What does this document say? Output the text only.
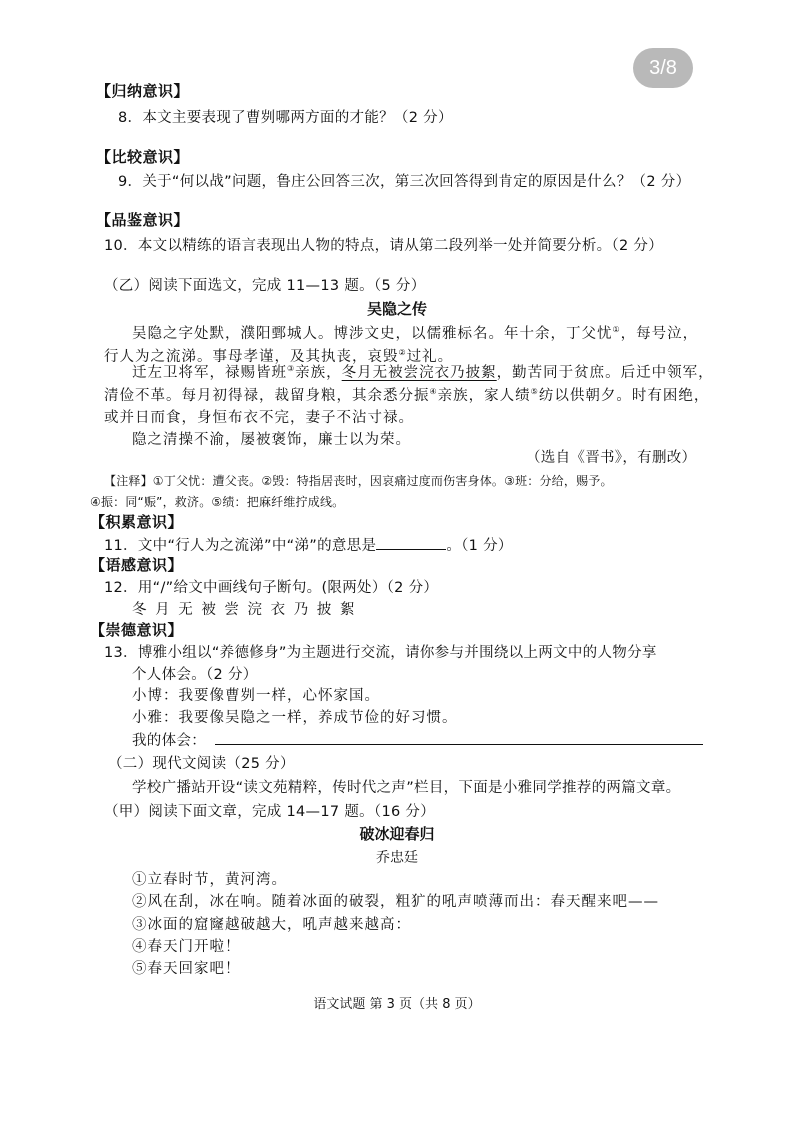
3/8
【归纳意识】
8．本文主要表现了曹刿哪两方面的才能？（2 分）
【比较意识】
9．关于“何以战”问题，鲁庄公回答三次，第三次回答得到肯定的原因是什么？（2 分）
【品鉴意识】
10．本文以精练的语言表现出人物的特点，请从第二段列举一处并简要分析。（2 分）
（乙）阅读下面选文，完成 11—13 题。（5 分）
吴隐之传
吴隐之字处默，濮阳鄄城人。博涉文史，以儒雅标名。年十余，丁父忧①，每号泣，
行人为之流涕。事母孝谨，及其执丧，哀毁②过礼。
迁左卫将军，禄赐皆班③亲族，冬月无被尝浣衣乃披絮，勤苦同于贫庶。后迁中领军，
清俭不革。每月初得禄，裁留身粮，其余悉分振④亲族，家人绩⑤纺以供朝夕。时有困绝，
或并日而食，身恒布衣不完，妻子不沾寸禄。
隐之清操不渝，屡被褒饰，廉士以为荣。
（选自《晋书》，有删改）
【注释】①丁父忧：遭父丧。②毁：特指居丧时，因哀痛过度而伤害身体。③班：分给，赐予。
④振：同“赈”，救济。⑤绩：把麻纤维拧成线。
【积累意识】
11．文中“行人为之流涕”中“涕”的意思是	。（1 分）
【语感意识】
12．用“/”给文中画线句子断句。(限两处）（2 分）
冬 月 无 被 尝 浣 衣 乃 披 絮
【崇德意识】
13．博雅小组以“养德修身”为主题进行交流，请你参与并围绕以上两文中的人物分享
个人体会。（2 分）
小博：我要像曹刿一样，心怀家国。
小雅：我要像吴隐之一样，养成节俭的好习惯。
我的体会：
（二）现代文阅读（25 分）
学校广播站开设“读文苑精粹，传时代之声”栏目，下面是小雅同学推荐的两篇文章。
（甲）阅读下面文章，完成 14—17 题。（16 分）
破冰迎春归
乔忠廷
①立春时节，黄河湾。
②风在刮，冰在响。随着冰面的破裂，粗犷的吼声喷薄而出：春天醒来吧——
③冰面的窟窿越破越大，吼声越来越高：
④春天门开啦！
⑤春天回家吧！
语文试题 第 3 页（共 8 页）
